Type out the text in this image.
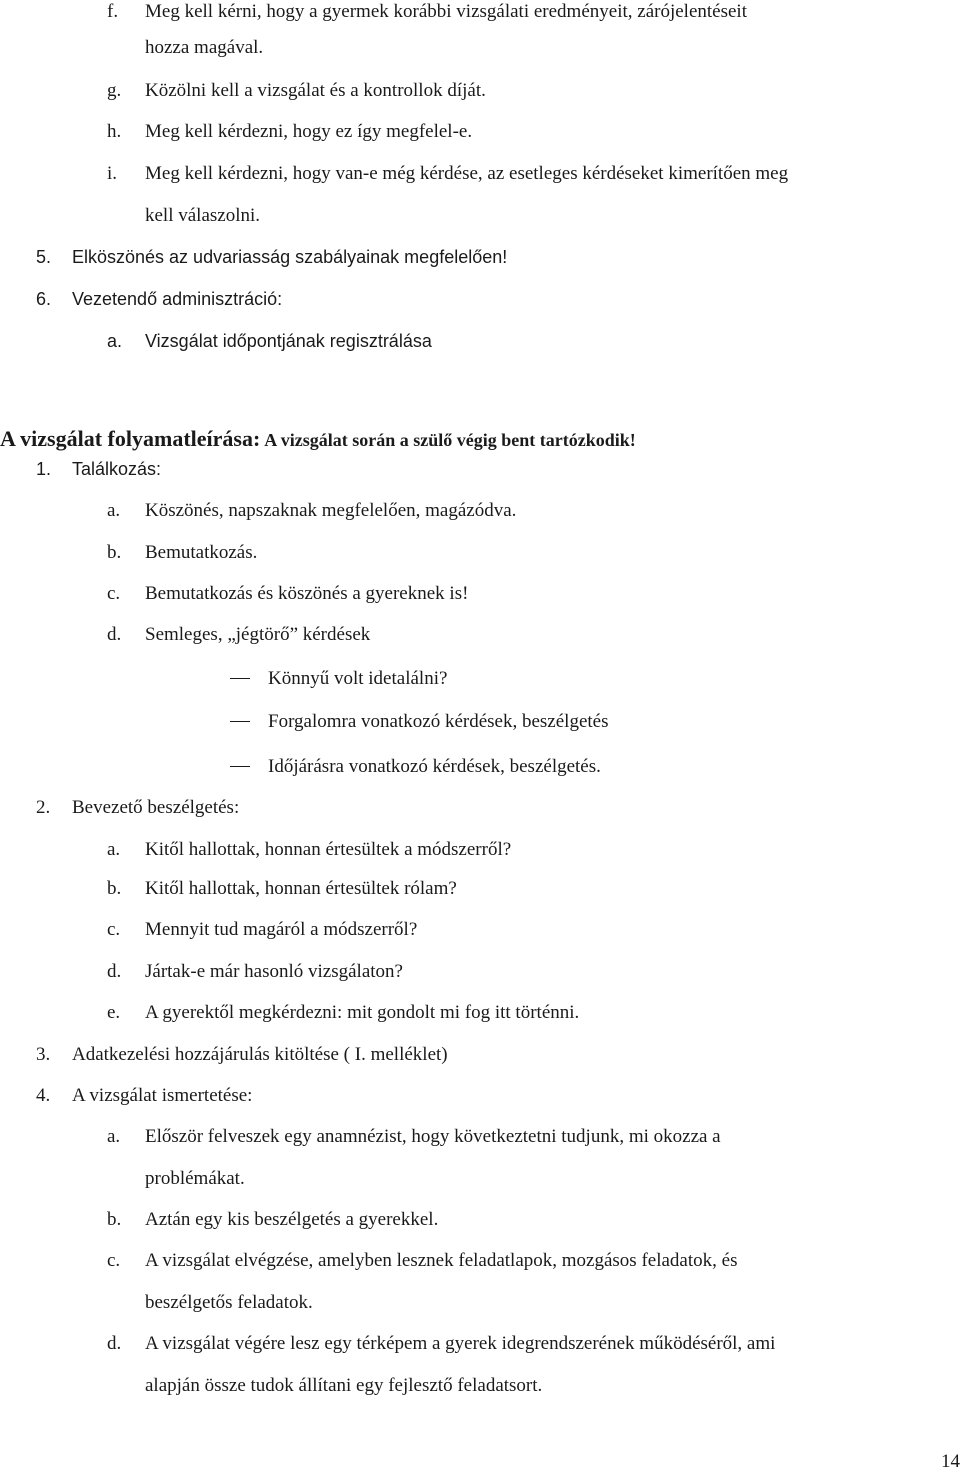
f. Meg kell kérni, hogy a gyermek korábbi vizsgálati eredményeit, zárójelentéseit
hozza magával.
g. Közölni kell a vizsgálat és a kontrollok díját.
h. Meg kell kérdezni, hogy ez így megfelel-e.
i. Meg kell kérdezni, hogy van-e még kérdése, az esetleges kérdéseket kimerítően meg
kell válaszolni.
5. Elköszönés az udvariasság szabályainak megfelelően!
6. Vezetendő adminisztráció:
a. Vizsgálat időpontjának regisztrálása
A vizsgálat folyamatleírása: A vizsgálat során a szülő végig bent tartózkodik!
1. Találkozás:
a. Köszönés, napszaknak megfelelően, magázódva.
b. Bemutatkozás.
c. Bemutatkozás és köszönés a gyereknek is!
d. Semleges, „jégtörő” kérdések
Könnyű volt idetalálni?
Forgalomra vonatkozó kérdések, beszélgetés
Időjárásra vonatkozó kérdések, beszélgetés.
2. Bevezető beszélgetés:
a. Kitől hallottak, honnan értesültek a módszerről?
b. Kitől hallottak, honnan értesültek rólam?
c. Mennyit tud magáról a módszerről?
d. Jártak-e már hasonló vizsgálaton?
e. A gyerektől megkérdezni: mit gondolt mi fog itt történni.
3. Adatkezelési hozzájárulás kitöltése ( I. melléklet)
4. A vizsgálat ismertetése:
a. Először felveszek egy anamnézist, hogy következtetni tudjunk, mi okozza a
problémákat.
b. Aztán egy kis beszélgetés a gyerekkel.
c. A vizsgálat elvégzése, amelyben lesznek feladatlapok, mozgásos feladatok, és
beszélgetős feladatok.
d. A vizsgálat végére lesz egy térképem a gyerek idegrendszerének működéséről, ami
alapján össze tudok állítani egy fejlesztő feladatsort.
14
